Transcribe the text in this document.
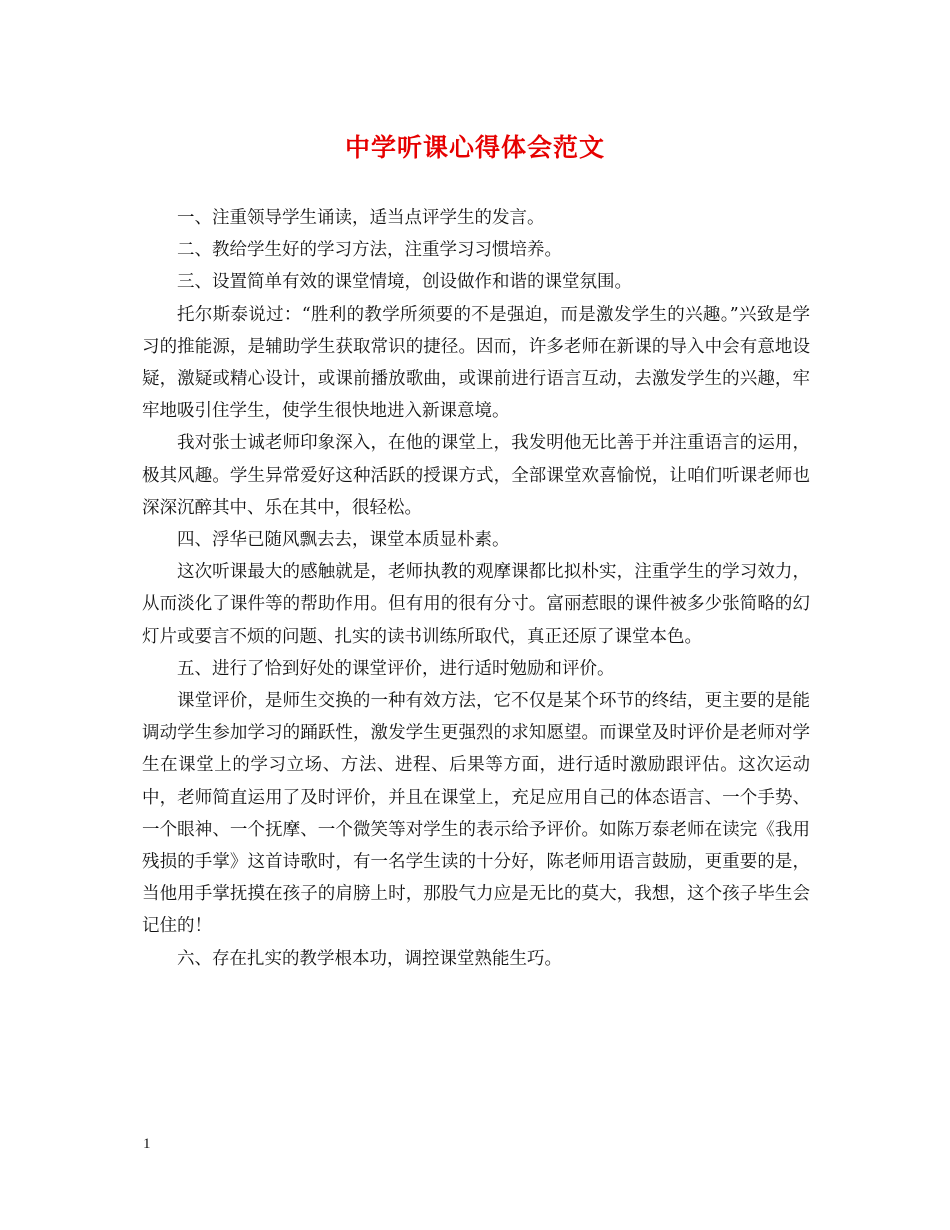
中学听课心得体会范文

一、注重领导学生诵读，适当点评学生的发言。

二、教给学生好的学习方法，注重学习习惯培养。

三、设置简单有效的课堂情境，创设做作和谐的课堂氛围。

托尔斯泰说过：“胜利的教学所须要的不是强迫，而是激发学生的兴趣。”兴致是学习的推能源，是辅助学生获取常识的捷径。因而，许多老师在新课的导入中会有意地设疑，激疑或精心设计，或课前播放歌曲，或课前进行语言互动，去激发学生的兴趣，牢牢地吸引住学生，使学生很快地进入新课意境。

我对张士诚老师印象深入，在他的课堂上，我发明他无比善于并注重语言的运用，极其风趣。学生异常爱好这种活跃的授课方式，全部课堂欢喜愉悦，让咱们听课老师也深深沉醉其中、乐在其中，很轻松。

四、浮华已随风飘去去，课堂本质显朴素。

这次听课最大的感触就是，老师执教的观摩课都比拟朴实，注重学生的学习效力，从而淡化了课件等的帮助作用。但有用的很有分寸。富丽惹眼的课件被多少张简略的幻灯片或要言不烦的问题、扎实的读书训练所取代，真正还原了课堂本色。

五、进行了恰到好处的课堂评价，进行适时勉励和评价。

课堂评价，是师生交换的一种有效方法，它不仅是某个环节的终结，更主要的是能调动学生参加学习的踊跃性，激发学生更强烈的求知愿望。而课堂及时评价是老师对学生在课堂上的学习立场、方法、进程、后果等方面，进行适时激励跟评估。这次运动中，老师简直运用了及时评价，并且在课堂上，充足应用自己的体态语言、一个手势、一个眼神、一个抚摩、一个微笑等对学生的表示给予评价。如陈万泰老师在读完《我用残损的手掌》这首诗歌时，有一名学生读的十分好，陈老师用语言鼓励，更重要的是，当他用手掌抚摸在孩子的肩膀上时，那股气力应是无比的莫大，我想，这个孩子毕生会记住的！

六、存在扎实的教学根本功，调控课堂熟能生巧。

1
